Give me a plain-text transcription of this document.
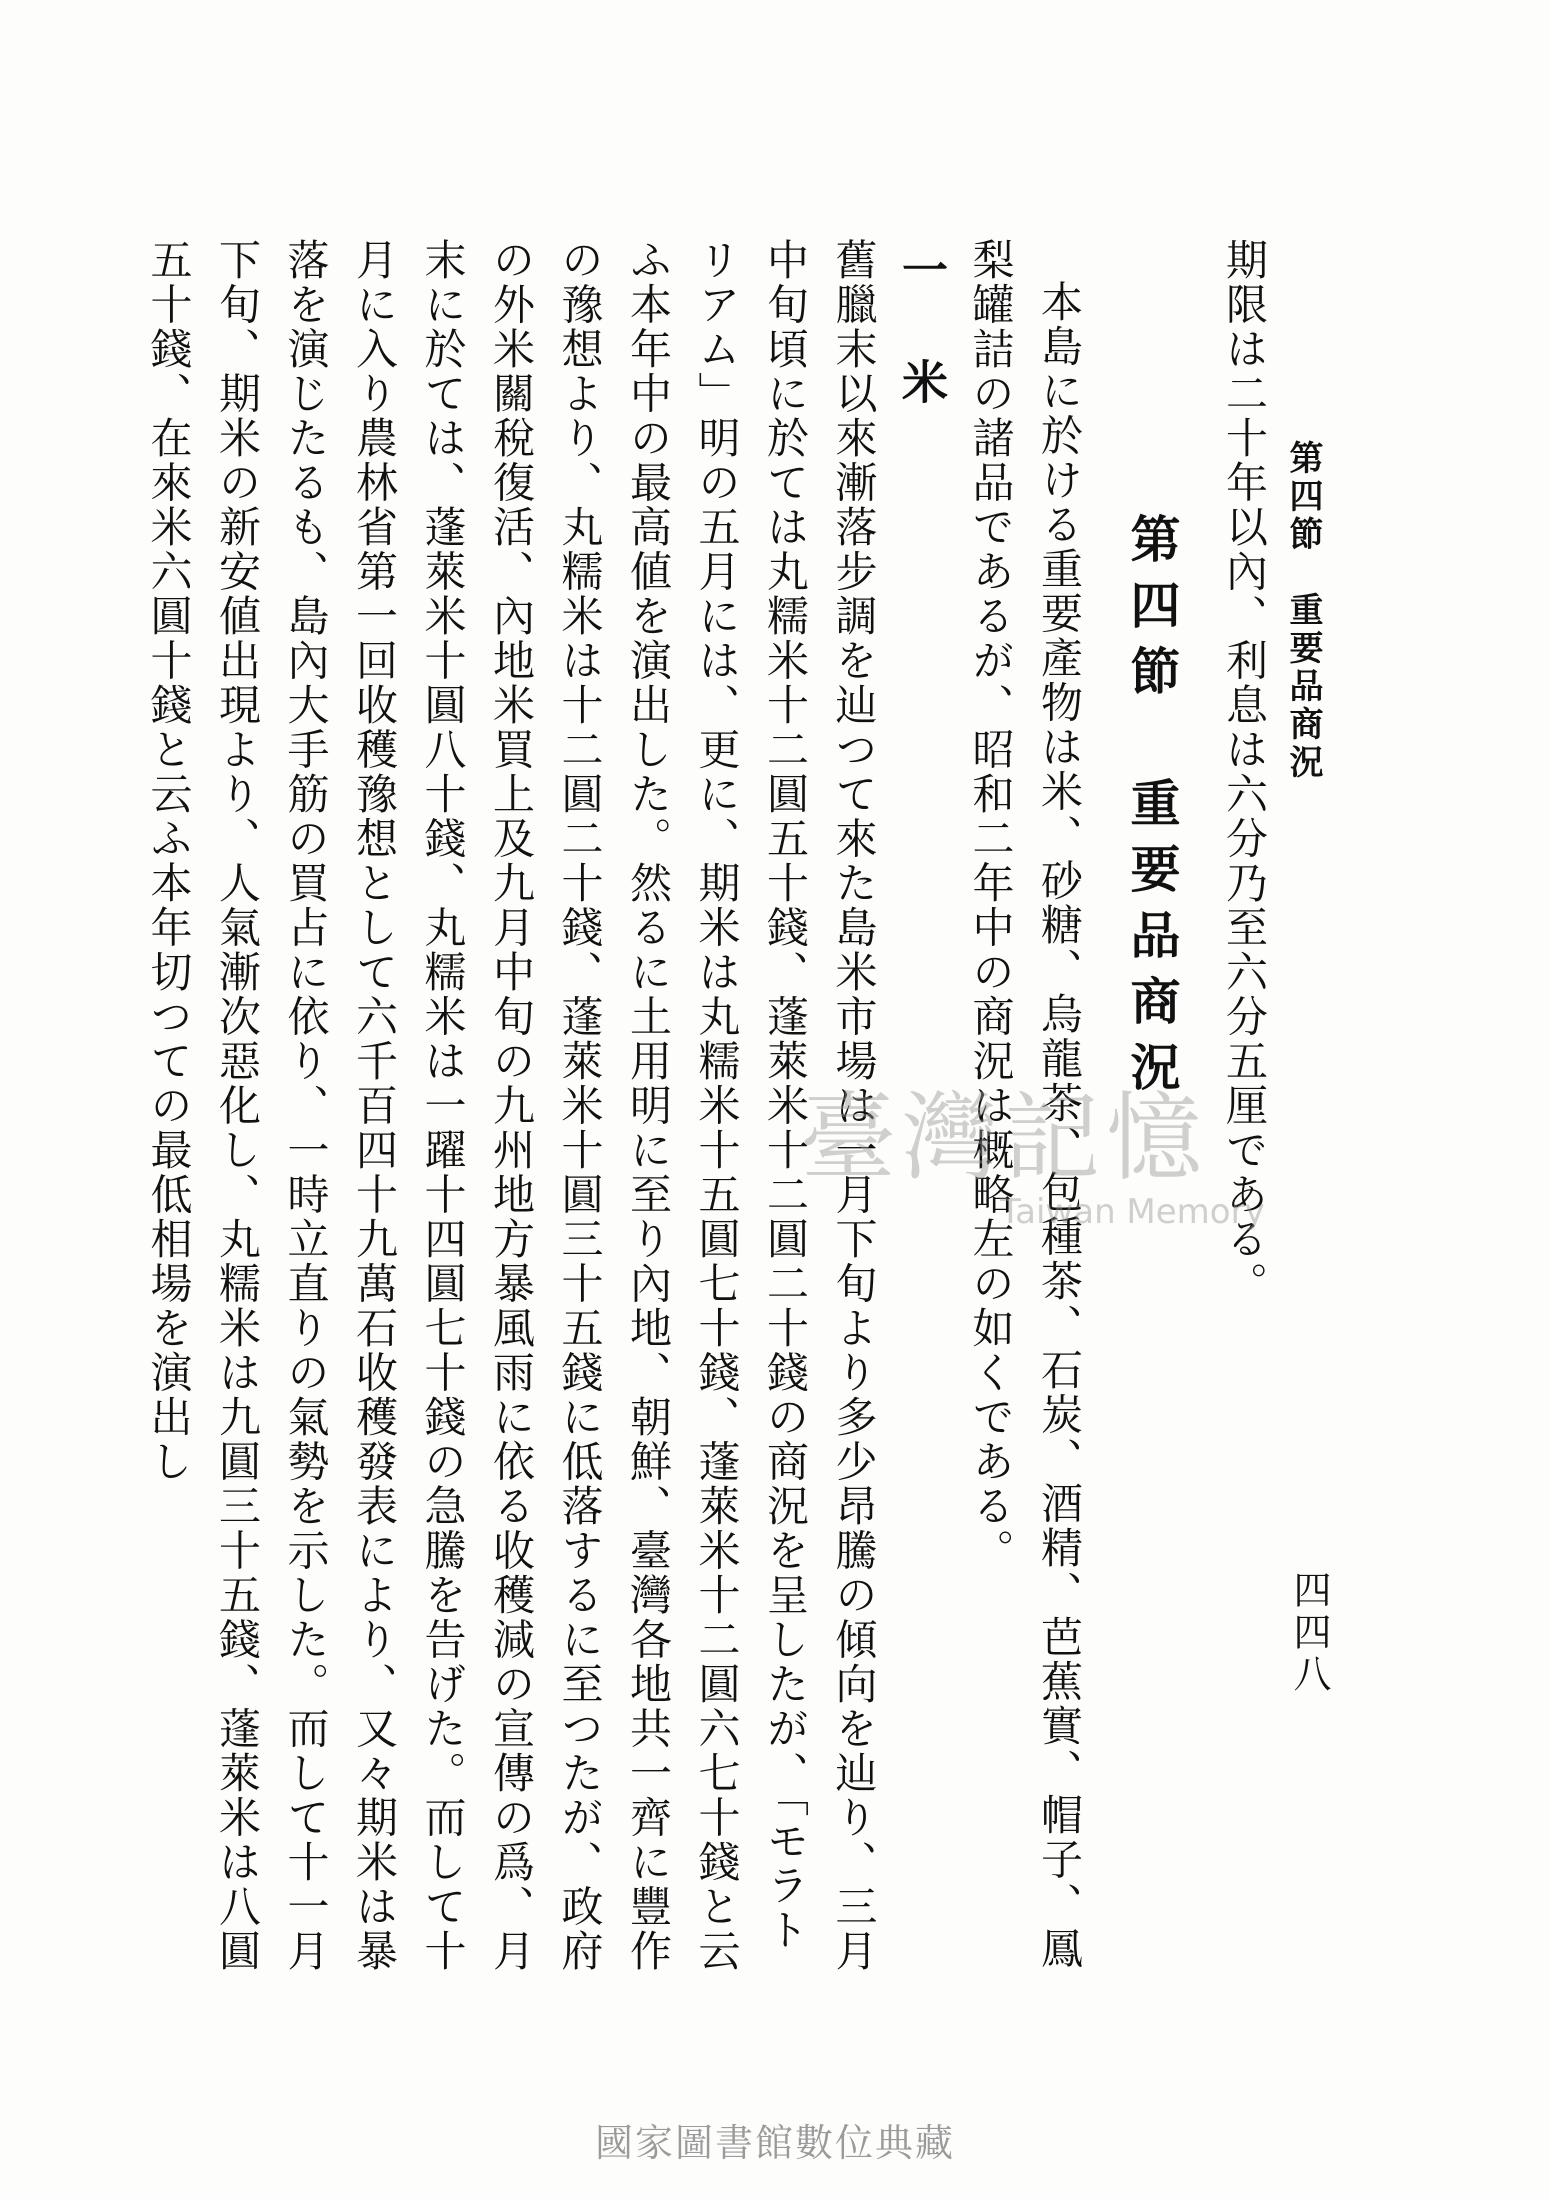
第四節　重要品商況
四四八

期限は二十年以內、利息は六分乃至六分五厘である。

第四節　重要品商況

本島に於ける重要產物は米、砂糖、烏龍茶、包種茶、石炭、酒精、芭蕉實、帽子、鳳梨罐詰の諸品であるが、昭和二年中の商況は概略左の如くである。

一　米

舊臘末以來漸落步調を辿つて來た島米市場は一月下旬より多少昂騰の傾向を辿り、三月中旬頃に於ては丸糯米十二圓五十錢、蓬萊米十二圓二十錢の商況を呈したが、「モラトリアム」明の五月には、更に、期米は丸糯米十五圓七十錢、蓬萊米十二圓六七十錢と云ふ本年中の最高値を演出した。然るに土用明に至り內地、朝鮮、臺灣各地共一齊に豐作の豫想より、丸糯米は十二圓二十錢、蓬萊米十圓三十五錢に低落するに至つたが、政府の外米關稅復活、內地米買上及九月中旬の九州地方暴風雨に依る收穫減の宣傳の爲、月末に於ては、蓬萊米十圓八十錢、丸糯米は一躍十四圓七十錢の急騰を告げた。而して十月に入り農林省第一回收穫豫想として六千百四十九萬石收穫發表により、又々期米は暴落を演じたるも、島內大手筋の買占に依り、一時立直りの氣勢を示した。而して十一月下旬、期米の新安値出現より、人氣漸次惡化し、丸糯米は九圓三十五錢、蓬萊米は八圓五十錢、在來米六圓十錢と云ふ本年切つての最低相場を演出し	臺灣記憶
Taiwan Memory
國家圖書館數位典藏
